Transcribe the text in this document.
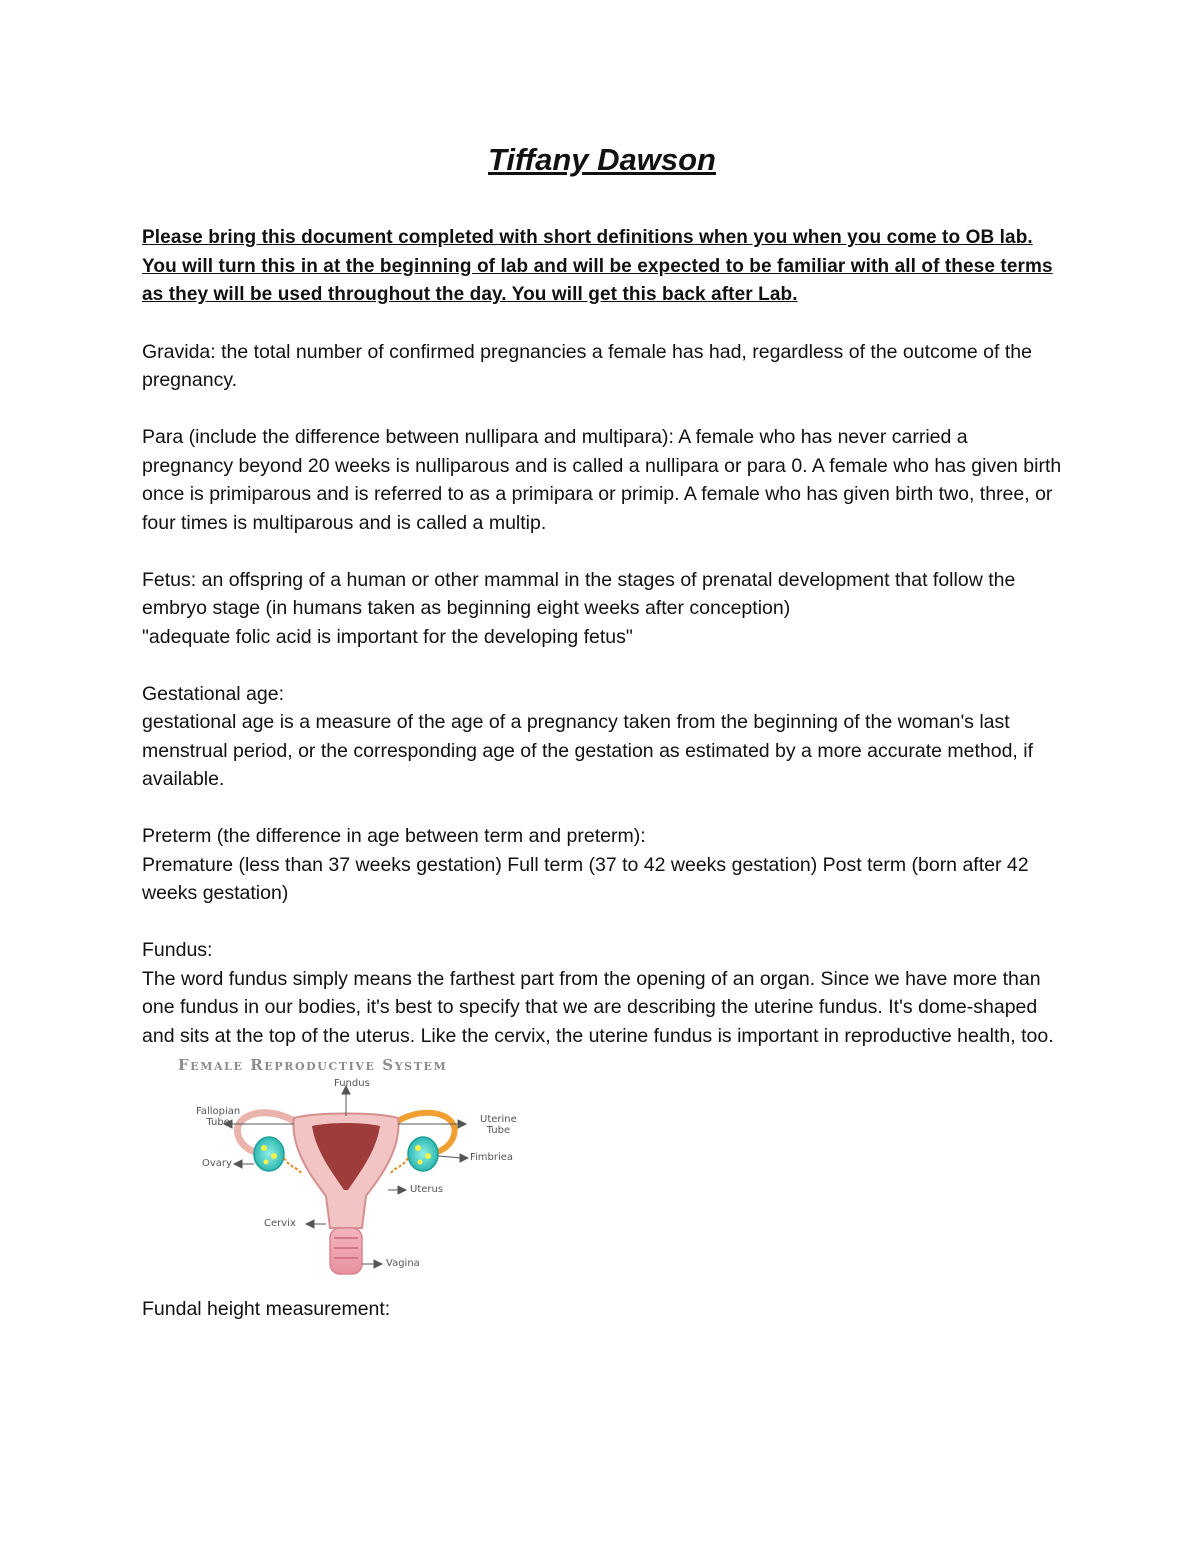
Tiffany Dawson
Please bring this document completed with short definitions when you when you come to OB lab. You will turn this in at the beginning of lab and will be expected to be familiar with all of these terms as they will be used throughout the day. You will get this back after Lab.
Gravida: the total number of confirmed pregnancies a female has had, regardless of the outcome of the pregnancy.
Para (include the difference between nullipara and multipara): A female who has never carried a pregnancy beyond 20 weeks is nulliparous and is called a nullipara or para 0. A female who has given birth once is primiparous and is referred to as a primipara or primip. A female who has given birth two, three, or four times is multiparous and is called a multip.
Fetus: an offspring of a human or other mammal in the stages of prenatal development that follow the embryo stage (in humans taken as beginning eight weeks after conception)
"adequate folic acid is important for the developing fetus"
Gestational age:
gestational age is a measure of the age of a pregnancy taken from the beginning of the woman's last menstrual period, or the corresponding age of the gestation as estimated by a more accurate method, if available.
Preterm (the difference in age between term and preterm):
Premature (less than 37 weeks gestation) Full term (37 to 42 weeks gestation) Post term (born after 42 weeks gestation)
Fundus:
The word fundus simply means the farthest part from the opening of an organ. Since we have more than one fundus in our bodies, it's best to specify that we are describing the uterine fundus. It's dome-shaped and sits at the top of the uterus. Like the cervix, the uterine fundus is important in reproductive health, too.
Female Reproductive System
Fundus
Fallopian
Tube	Uterine
Tube
Ovary
Fimbriea
Uterus
Cervix
Vagina
Fundal height measurement:
